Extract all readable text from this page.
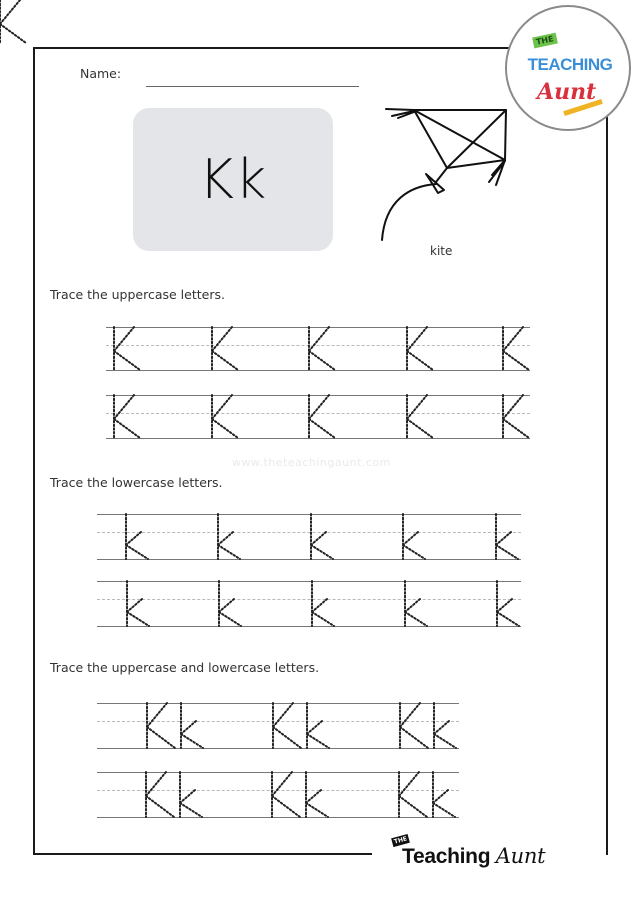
Name:
Kk
kite
THE
TEACHING
Aunt
Trace the uppercase letters.
Trace the lowercase letters.
Trace the uppercase and lowercase letters.
www.theteachingaunt.com
THE
Teaching Aunt
